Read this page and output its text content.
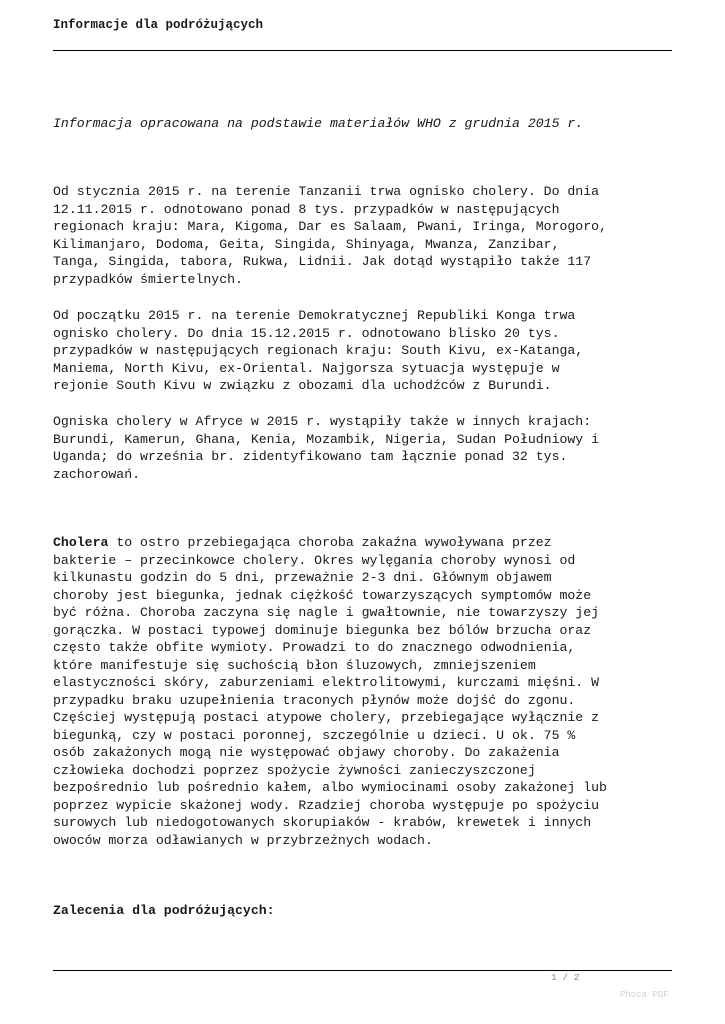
Informacje dla podróżujących
Informacja opracowana na podstawie materiałów WHO z grudnia 2015 r.

Od stycznia 2015 r. na terenie Tanzanii trwa ognisko cholery. Do dnia
12.11.2015 r. odnotowano ponad 8 tys. przypadków w następujących
regionach kraju: Mara, Kigoma, Dar es Salaam, Pwani, Iringa, Morogoro,
Kilimanjaro, Dodoma, Geita, Singida, Shinyaga, Mwanza, Zanzibar,
Tanga, Singida, tabora, Rukwa, Lidnii. Jak dotąd wystąpiło także 117
przypadków śmiertelnych.

Od początku 2015 r. na terenie Demokratycznej Republiki Konga trwa
ognisko cholery. Do dnia 15.12.2015 r. odnotowano blisko 20 tys.
przypadków w następujących regionach kraju: South Kivu, ex-Katanga,
Maniema, North Kivu, ex-Oriental. Najgorsza sytuacja występuje w
rejonie South Kivu w związku z obozami dla uchodźców z Burundi.

Ogniska cholery w Afryce w 2015 r. wystąpiły także w innych krajach:
Burundi, Kamerun, Ghana, Kenia, Mozambik, Nigeria, Sudan Południowy i
Uganda; do września br. zidentyfikowano tam łącznie ponad 32 tys.
zachorowań.

Cholera to ostro przebiegająca choroba zakaźna wywoływana przez
bakterie – przecinkowce cholery. Okres wylęgania choroby wynosi od
kilkunastu godzin do 5 dni, przeważnie 2-3 dni. Głównym objawem
choroby jest biegunka, jednak ciężkość towarzyszących symptomów może
być różna. Choroba zaczyna się nagle i gwałtownie, nie towarzyszy jej
gorączka. W postaci typowej dominuje biegunka bez bólów brzucha oraz
często także obfite wymioty. Prowadzi to do znacznego odwodnienia,
które manifestuje się suchością błon śluzowych, zmniejszeniem
elastyczności skóry, zaburzeniami elektrolitowymi, kurczami mięśni. W
przypadku braku uzupełnienia traconych płynów może dojść do zgonu.
Częściej występują postaci atypowe cholery, przebiegające wyłącznie z
biegunką, czy w postaci poronnej, szczególnie u dzieci. U ok. 75 %
osób zakażonych mogą nie występować objawy choroby. Do zakażenia
człowieka dochodzi poprzez spożycie żywności zanieczyszczonej
bezpośrednio lub pośrednio kałem, albo wymiocinami osoby zakażonej lub
poprzez wypicie skażonej wody. Rzadziej choroba występuje po spożyciu
surowych lub niedogotowanych skorupiaków - krabów, krewetek i innych
owoców morza odławianych w przybrzeżnych wodach.

Zalecenia dla podróżujących:
1 / 2
Phoca PDF
